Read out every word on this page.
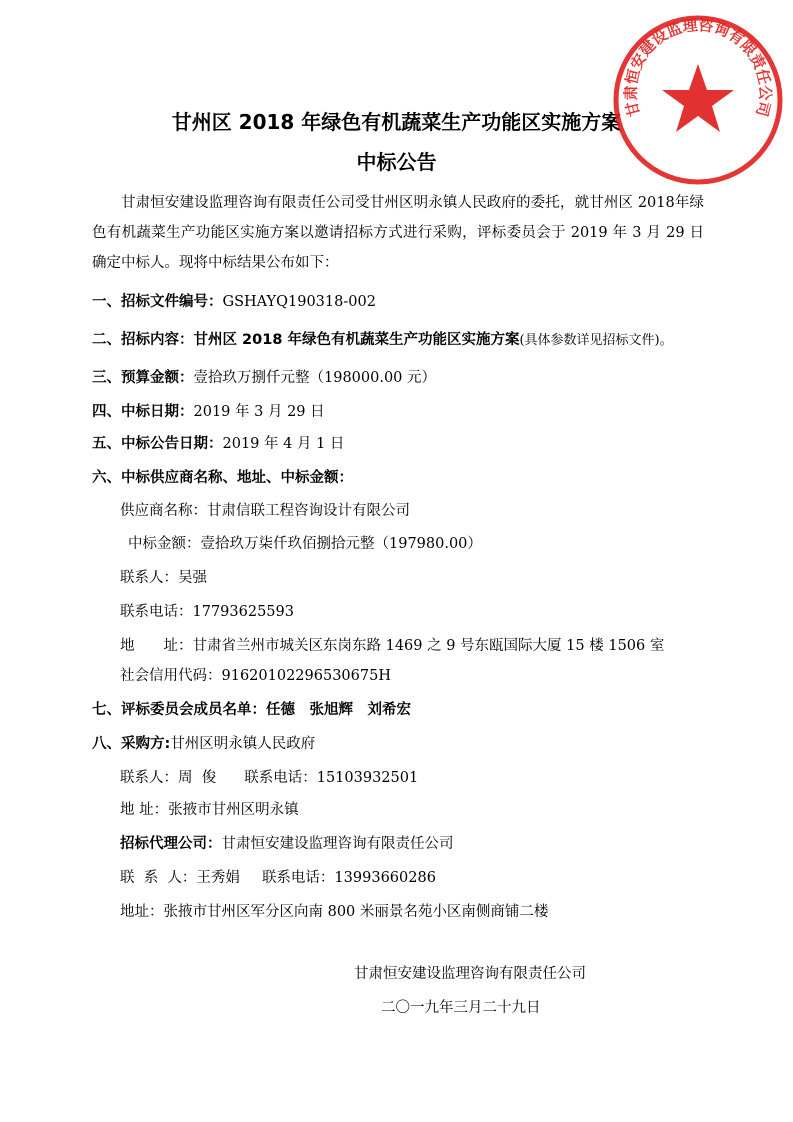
甘州区 2018 年绿色有机蔬菜生产功能区实施方案
中标公告
甘肃恒安建设监理咨询有限责任公司受甘州区明永镇人民政府的委托，就甘州区 2018年绿色有机蔬菜生产功能区实施方案以邀请招标方式进行采购，评标委员会于 2019 年 3 月 29 日确定中标人。现将中标结果公布如下：
一、招标文件编号：GSHAYQ190318-002
二、招标内容：甘州区 2018 年绿色有机蔬菜生产功能区实施方案(具体参数详见招标文件)。
三、预算金额：壹拾玖万捌仟元整（198000.00 元）
四、中标日期：2019 年 3 月 29 日
五、中标公告日期：2019 年 4 月 1 日
六、中标供应商名称、地址、中标金额：
供应商名称：甘肃信联工程咨询设计有限公司
中标金额：壹拾玖万柒仟玖佰捌拾元整（197980.00）
联系人：吴强
联系电话：17793625593
地　　址：甘肃省兰州市城关区东岗东路 1469 之 9 号东瓯国际大厦 15 楼 1506 室
社会信用代码：91620102296530675H
七、评标委员会成员名单：任德　张旭辉　刘希宏
八、采购方:甘州区明永镇人民政府
联系人：周  俊 联系电话：15103932501
地 址：张掖市甘州区明永镇
招标代理公司：甘肃恒安建设监理咨询有限责任公司
联  系  人：王秀娟 联系电话：13993660286
地址：张掖市甘州区军分区向南 800 米丽景名苑小区南侧商铺二楼
甘肃恒安建设监理咨询有限责任公司
二〇一九年三月二十九日
甘肃恒安建设监理咨询有限责任公司
